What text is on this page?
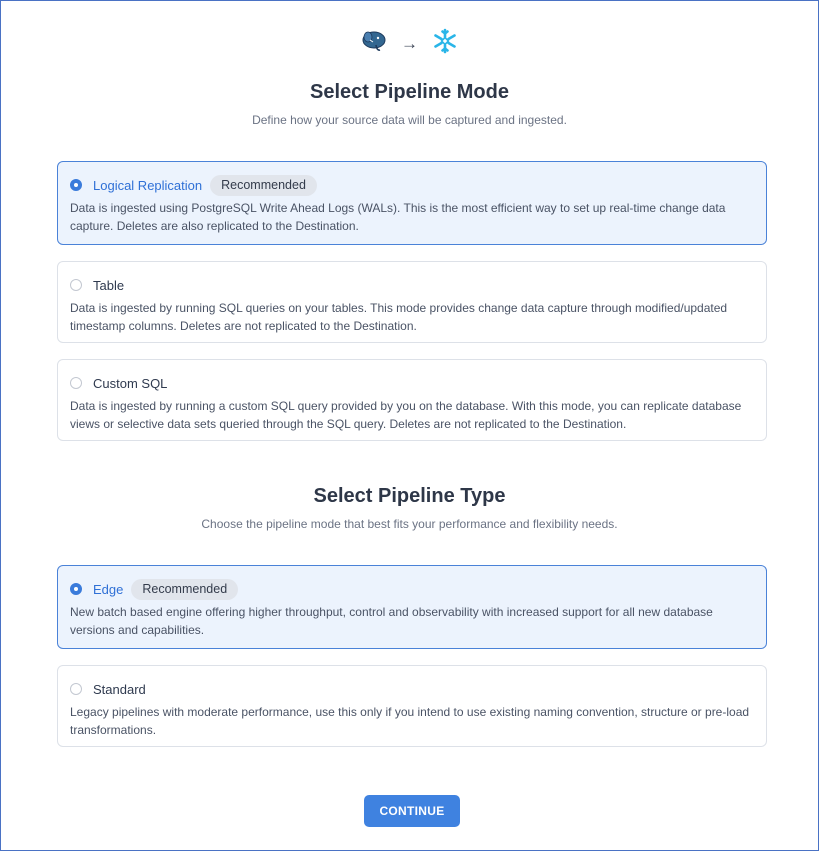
→
Select Pipeline Mode

Define how your source data will be captured and ingested.

Logical Replication	Recommended

Data is ingested using PostgreSQL Write Ahead Logs (WALs). This is the most efficient way to set up real-time change data capture. Deletes are also replicated to the Destination.

Table

Data is ingested by running SQL queries on your tables. This mode provides change data capture through modified/updated timestamp columns. Deletes are not replicated to the Destination.

Custom SQL

Data is ingested by running a custom SQL query provided by you on the database. With this mode, you can replicate database views or selective data sets queried through the SQL query. Deletes are not replicated to the Destination.

Select Pipeline Type

Choose the pipeline mode that best fits your performance and flexibility needs.

Edge	Recommended

New batch based engine offering higher throughput, control and observability with increased support for all new database versions and capabilities.

Standard

Legacy pipelines with moderate performance, use this only if you intend to use existing naming convention, structure or pre-load transformations.

CONTINUE
